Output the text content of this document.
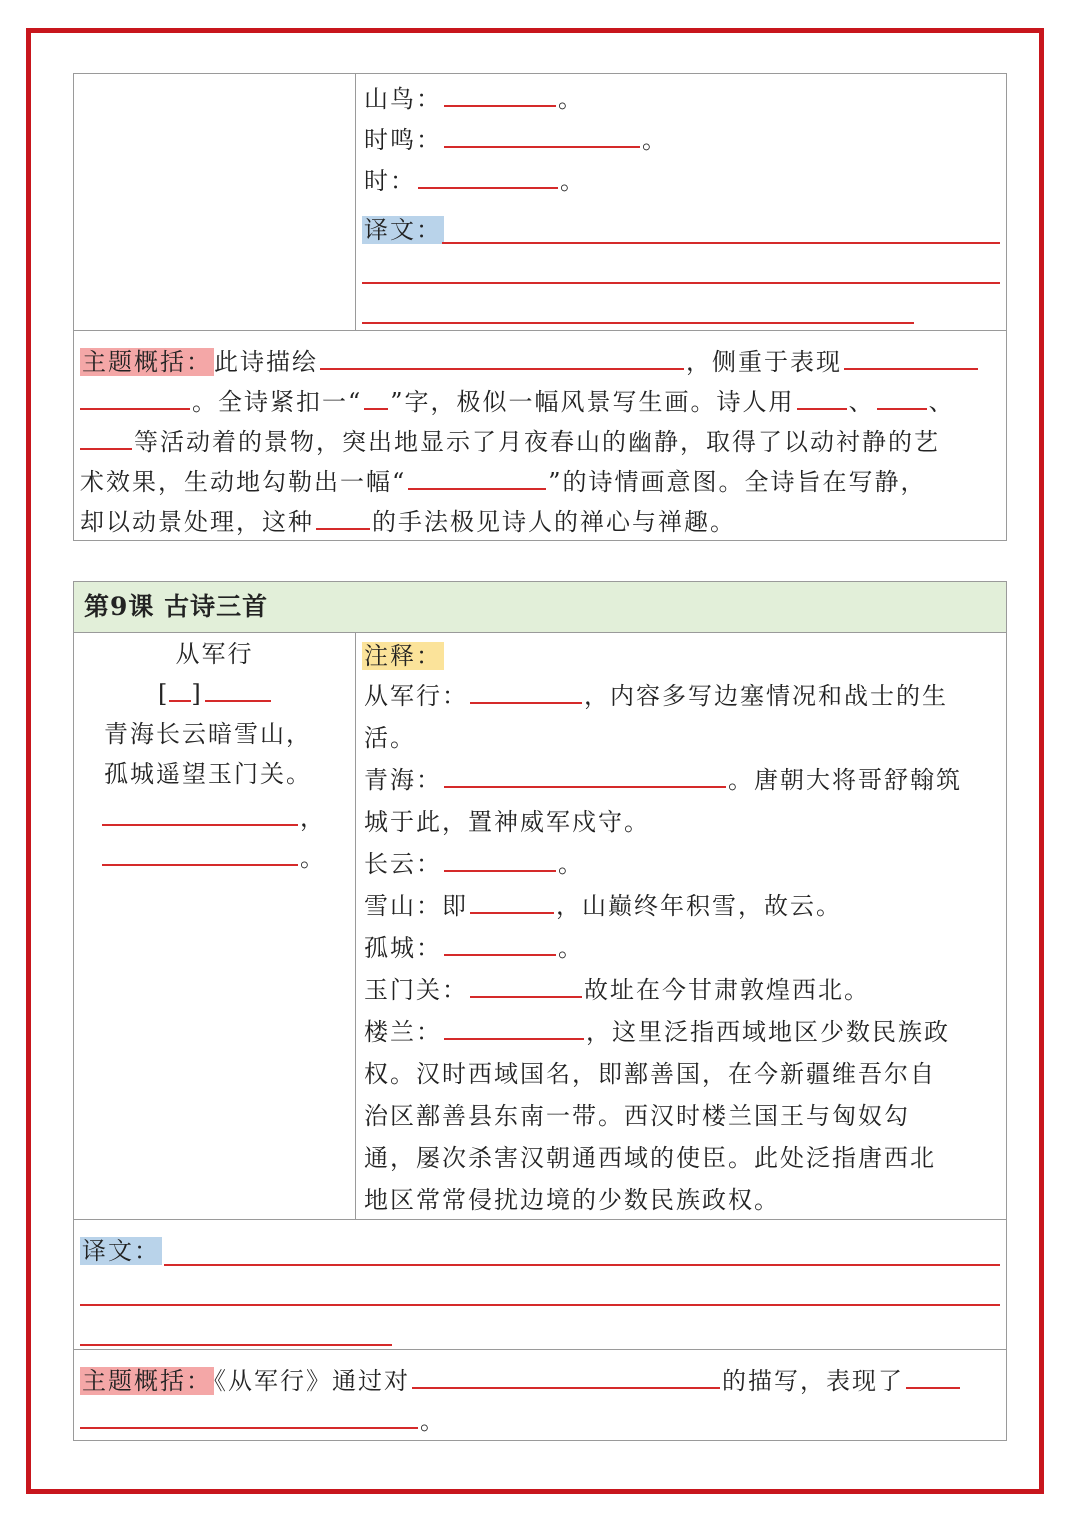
山鸟：	。
时鸣：	。
时：	。
译文：
主题概括：此诗描绘	，侧重于表现
。全诗紧扣一“ ”字，极似一幅风景写生画。诗人用 、 、
等活动着的景物，突出地显示了月夜春山的幽静，取得了以动衬静的艺
术效果，生动地勾勒出一幅“	”的诗情画意图。全诗旨在写静，
却以动景处理，这种 的手法极见诗人的禅心与禅趣。
第9课 古诗三首
从军行
[ ]
青海长云暗雪山，
孤城遥望玉门关。
，
。
注释：
从军行：	，内容多写边塞情况和战士的生
活。
青海：	。唐朝大将哥舒翰筑
城于此，置神威军戍守。
长云：	。
雪山：即	，山巅终年积雪，故云。
孤城：	。
玉门关：	故址在今甘肃敦煌西北。
楼兰：	，这里泛指西域地区少数民族政
权。汉时西域国名，即鄯善国，在今新疆维吾尔自
治区鄯善县东南一带。西汉时楼兰国王与匈奴勾
通，屡次杀害汉朝通西域的使臣。此处泛指唐西北
地区常常侵扰边境的少数民族政权。
译文：
主题概括：《从军行》通过对	的描写，表现了
。
